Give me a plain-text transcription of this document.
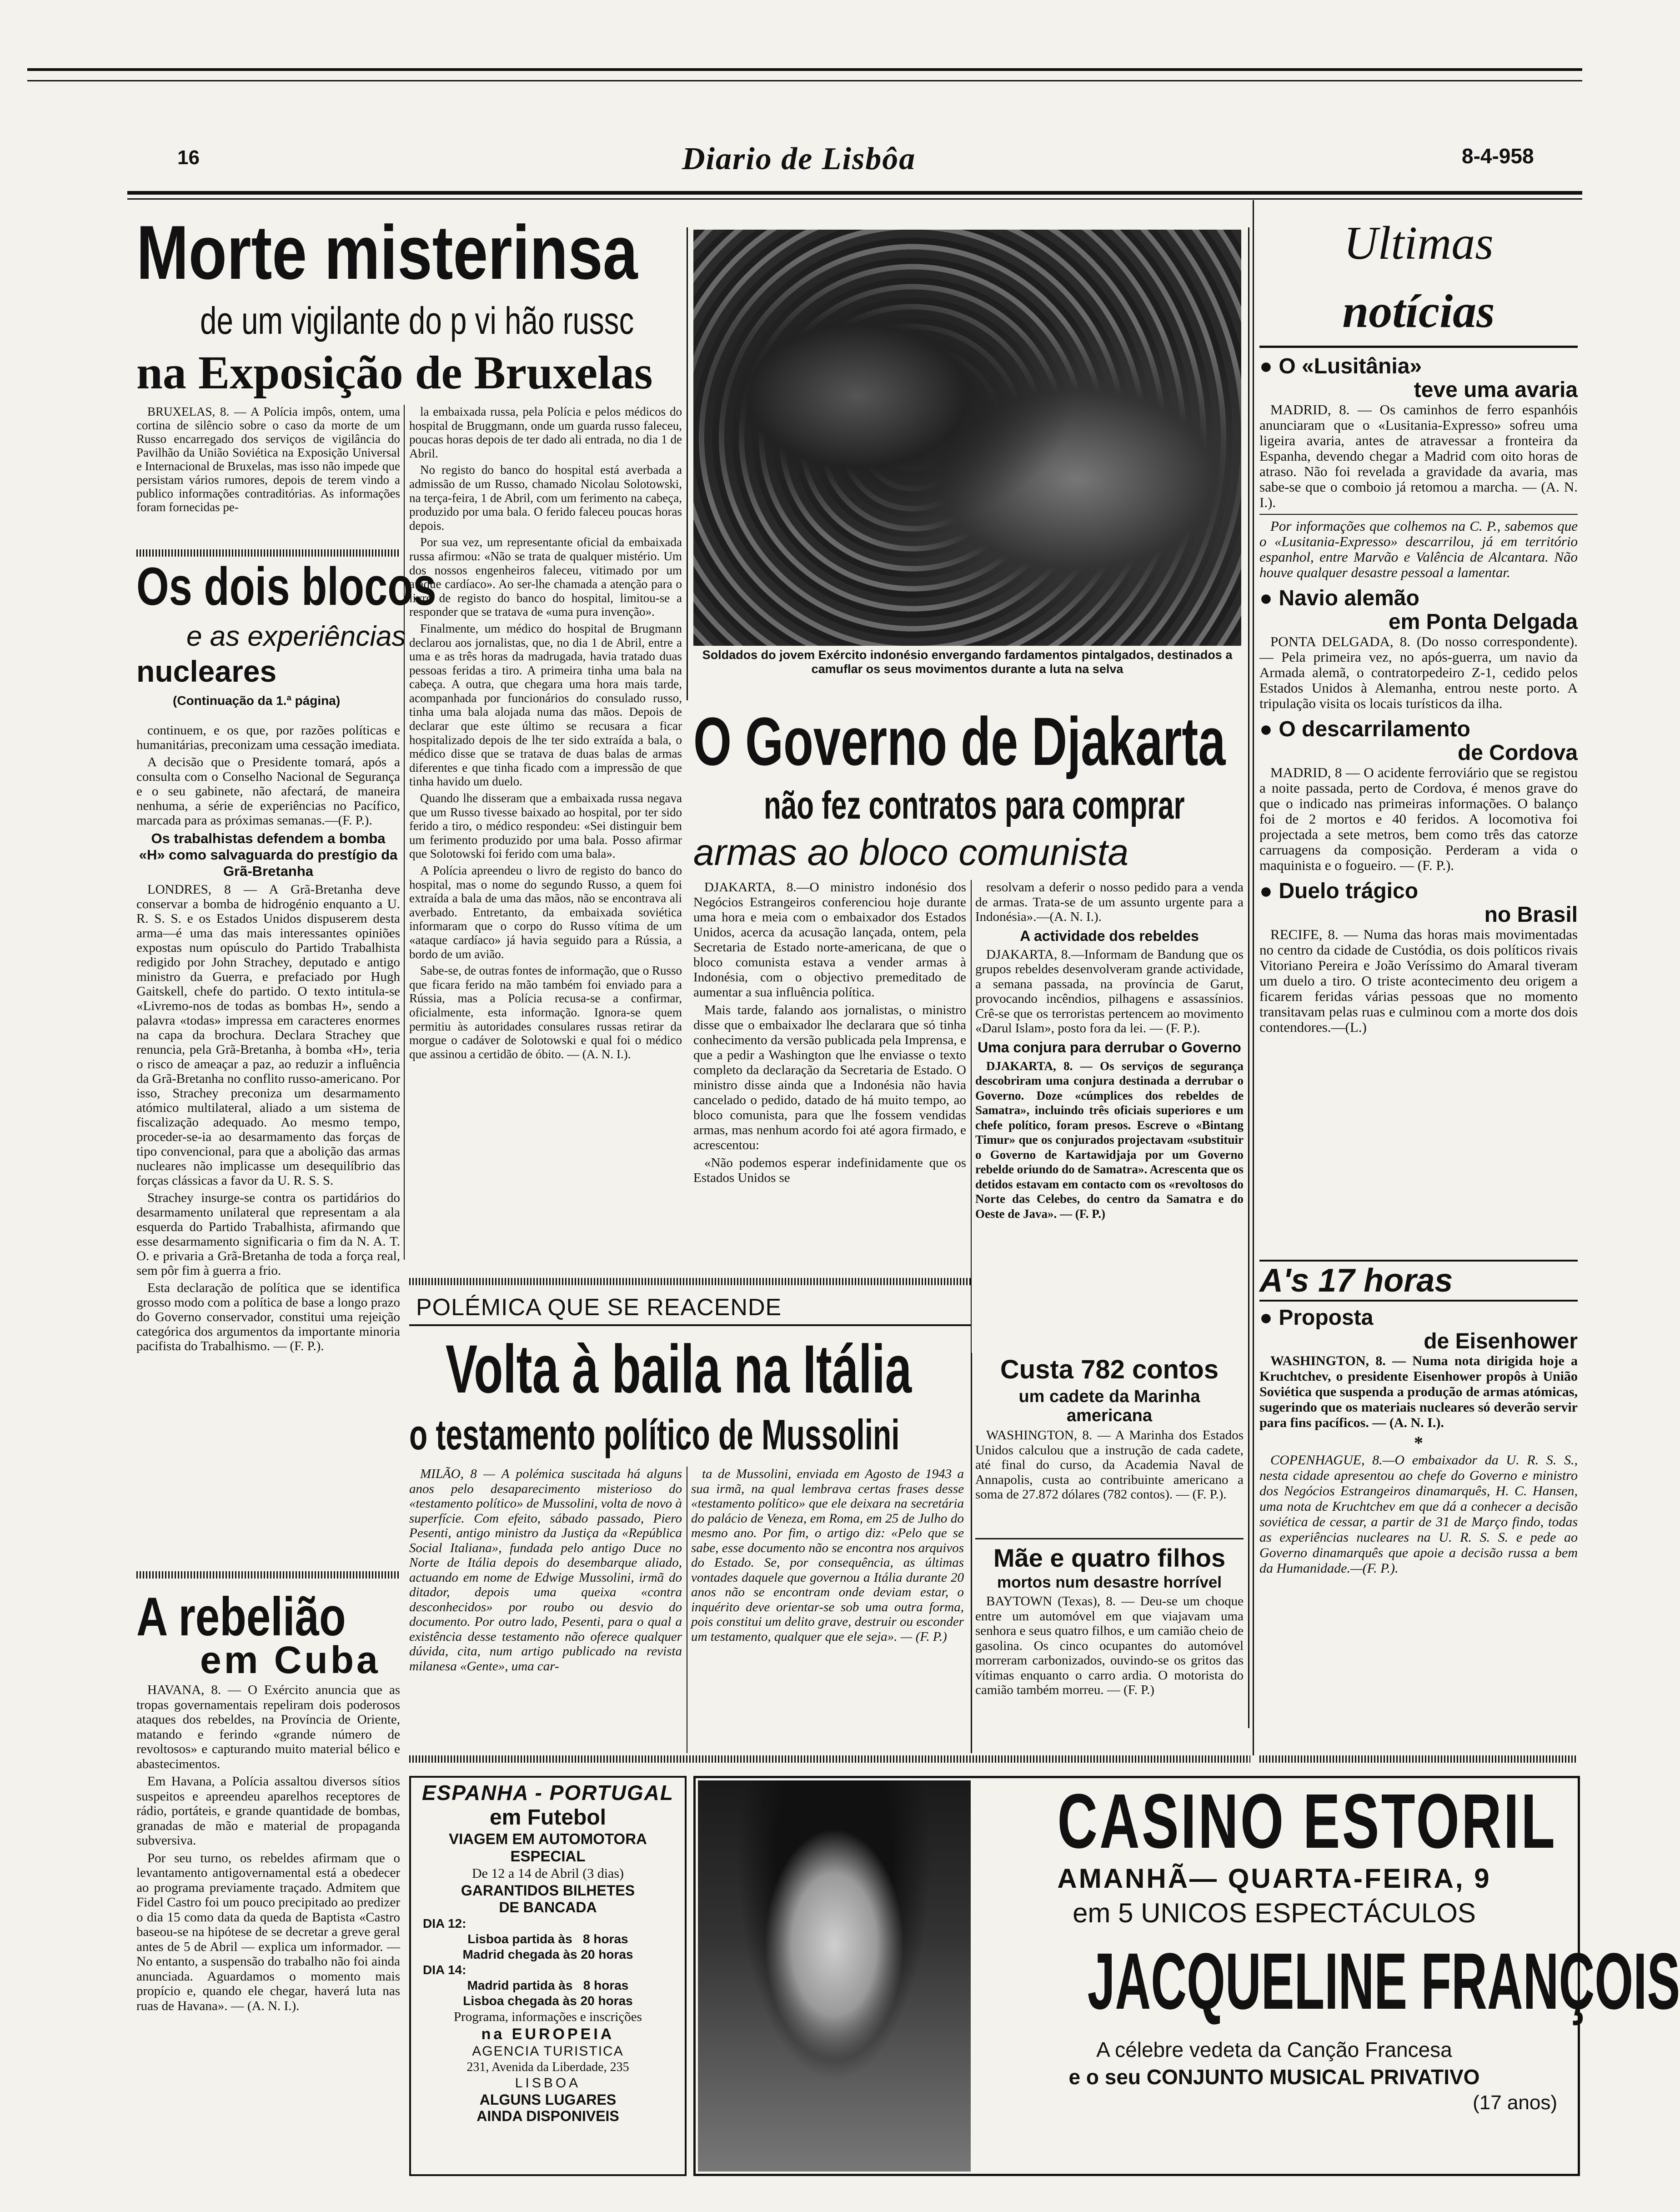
16	Diario de Lisbôa	8-4-958
Morte misterinsa
de um vigilante do p vi hão russc
na Exposição de Bruxelas

BRUXELAS, 8. — A Polícia impôs, ontem, uma cortina de silêncio sobre o caso da morte de um Russo encarregado dos serviços de vigilância do Pavilhão da União Soviética na Exposição Universal e Internacional de Bruxelas, mas isso não impede que persistam vários rumores, depois de terem vindo a publico informações contraditórias. As informações foram fornecidas pe-

la embaixada russa, pela Polícia e pelos médicos do hospital de Bruggmann, onde um guarda russo faleceu, poucas horas depois de ter dado ali entrada, no dia 1 de Abril.

No registo do banco do hospital está averbada a admissão de um Russo, chamado Nicolau Solotowski, na terça-feira, 1 de Abril, com um ferimento na cabeça, produzido por uma bala. O ferido faleceu poucas horas depois.

Por sua vez, um representante oficial da embaixada russa afirmou: «Não se trata de qualquer mistério. Um dos nossos engenheiros faleceu, vitimado por um ataque cardíaco». Ao ser-lhe chamada a atenção para o livro de registo do banco do hospital, limitou-se a responder que se tratava de «uma pura invenção».

Finalmente, um médico do hospital de Brugmann declarou aos jornalistas, que, no dia 1 de Abril, entre a uma e as três horas da madrugada, havia tratado duas pessoas feridas a tiro. A primeira tinha uma bala na cabeça. A outra, que chegara uma hora mais tarde, acompanhada por funcionários do consulado russo, tinha uma bala alojada numa das mãos. Depois de declarar que este último se recusara a ficar hospitalizado depois de lhe ter sido extraída a bala, o médico disse que se tratava de duas balas de armas diferentes e que tinha ficado com a impressão de que tinha havido um duelo.

Quando lhe disseram que a embaixada russa negava que um Russo tivesse baixado ao hospital, por ter sido ferido a tiro, o médico respondeu: «Sei distinguir bem um ferimento produzido por uma bala. Posso afirmar que Solotowski foi ferido com uma bala».

A Polícia apreendeu o livro de registo do banco do hospital, mas o nome do segundo Russo, a quem foi extraída a bala de uma das mãos, não se encontrava ali averbado. Entretanto, da embaixada soviética informaram que o corpo do Russo vítima de um «ataque cardíaco» já havia seguido para a Rússia, a bordo de um avião.

Sabe-se, de outras fontes de informação, que o Russo que ficara ferido na mão também foi enviado para a Rússia, mas a Polícia recusa-se a confirmar, oficialmente, esta informação. Ignora-se quem permitiu às autoridades consulares russas retirar da morgue o cadáver de Solotowski e qual foi o médico que assinou a certidão de óbito. — (A. N. I.).

Os dois blocos
e as experiências
nucleares
(Continuação da 1.ª página)

continuem, e os que, por razões políticas e humanitárias, preconizam uma cessação imediata.

A decisão que o Presidente tomará, após a consulta com o Conselho Nacional de Segurança e o seu gabinete, não afectará, de maneira nenhuma, a série de experiências no Pacífico, marcada para as próximas semanas.—(F. P.).

Os trabalhistas defendem a bomba «H» como salvaguarda do prestígio da Grã-Bretanha

LONDRES, 8 — A Grã-Bretanha deve conservar a bomba de hidrogénio enquanto a U. R. S. S. e os Estados Unidos dispuserem desta arma—é uma das mais interessantes opiniões expostas num opúsculo do Partido Trabalhista redigido por John Strachey, deputado e antigo ministro da Guerra, e prefaciado por Hugh Gaitskell, chefe do partido. O texto intitula-se «Livremo-nos de todas as bombas H», sendo a palavra «todas» impressa em caracteres enormes na capa da brochura. Declara Strachey que renuncia, pela Grã-Bretanha, à bomba «H», teria o risco de ameaçar a paz, ao reduzir a influência da Grã-Bretanha no conflito russo-americano. Por isso, Strachey preconiza um desarmamento atómico multilateral, aliado a um sistema de fiscalização adequado. Ao mesmo tempo, proceder-se-ia ao desarmamento das forças de tipo convencional, para que a abolição das armas nucleares não implicasse um desequilíbrio das forças clássicas a favor da U. R. S. S.

Strachey insurge-se contra os partidários do desarmamento unilateral que representam a ala esquerda do Partido Trabalhista, afirmando que esse desarmamento significaria o fim da N. A. T. O. e privaria a Grã-Bretanha de toda a força real, sem pôr fim à guerra a frio.

Esta declaração de política que se identifica grosso modo com a política de base a longo prazo do Governo conservador, constitui uma rejeição categórica dos argumentos da importante minoria pacifista do Trabalhismo. — (F. P.).

A rebelião
em Cuba

HAVANA, 8. — O Exército anuncia que as tropas governamentais repeliram dois poderosos ataques dos rebeldes, na Província de Oriente, matando e ferindo «grande número de revoltosos» e capturando muito material bélico e abastecimentos.

Em Havana, a Polícia assaltou diversos sítios suspeitos e apreendeu aparelhos receptores de rádio, portáteis, e grande quantidade de bombas, granadas de mão e material de propaganda subversiva.

Por seu turno, os rebeldes afirmam que o levantamento antigovernamental está a obedecer ao programa previamente traçado. Admitem que Fidel Castro foi um pouco precipitado ao predizer o dia 15 como data da queda de Baptista «Castro baseou-se na hipótese de se decretar a greve geral antes de 5 de Abril — explica um informador. — No entanto, a suspensão do trabalho não foi ainda anunciada. Aguardamos o momento mais propício e, quando ele chegar, haverá luta nas ruas de Havana». — (A. N. I.).

Soldados do jovem Exército indonésio envergando fardamentos pintalgados, destinados a camuflar os seus movimentos durante a luta na selva
O Governo de Djakarta
não fez contratos para comprar
armas ao bloco comunista

DJAKARTA, 8.—O ministro indonésio dos Negócios Estrangeiros conferenciou hoje durante uma hora e meia com o embaixador dos Estados Unidos, acerca da acusação lançada, ontem, pela Secretaria de Estado norte-americana, de que o bloco comunista estava a vender armas à Indonésia, com o objectivo premeditado de aumentar a sua influência política.

Mais tarde, falando aos jornalistas, o ministro disse que o embaixador lhe declarara que só tinha conhecimento da versão publicada pela Imprensa, e que a pedir a Washington que lhe enviasse o texto completo da declaração da Secretaria de Estado. O ministro disse ainda que a Indonésia não havia cancelado o pedido, datado de há muito tempo, ao bloco comunista, para que lhe fossem vendidas armas, mas nenhum acordo foi até agora firmado, e acrescentou:

«Não podemos esperar indefinidamente que os Estados Unidos se

resolvam a deferir o nosso pedido para a venda de armas. Trata-se de um assunto urgente para a Indonésia».—(A. N. I.).

A actividade dos rebeldes

DJAKARTA, 8.—Informam de Bandung que os grupos rebeldes desenvolveram grande actividade, a semana passada, na província de Garut, provocando incêndios, pilhagens e assassínios. Crê-se que os terroristas pertencem ao movimento «Darul Islam», posto fora da lei. — (F. P.).

Uma conjura para derrubar o Governo

DJAKARTA, 8. — Os serviços de segurança descobriram uma conjura destinada a derrubar o Governo. Doze «cúmplices dos rebeldes de Samatra», incluindo três oficiais superiores e um chefe político, foram presos. Escreve o «Bintang Timur» que os conjurados projectavam «substituir o Governo de Kartawidjaja por um Governo rebelde oriundo do de Samatra». Acrescenta que os detidos estavam em contacto com os «revoltosos do Norte das Celebes, do centro da Samatra e do Oeste de Java». — (F. P.)

POLÉMICA QUE SE REACENDE
Volta à baila na Itália
o testamento político de Mussolini

MILÃO, 8 — A polémica suscitada há alguns anos pelo desaparecimento misterioso do «testamento político» de Mussolini, volta de novo à superfície. Com efeito, sábado passado, Piero Pesenti, antigo ministro da Justiça da «República Social Italiana», fundada pelo antigo Duce no Norte de Itália depois do desembarque aliado, actuando em nome de Edwige Mussolini, irmã do ditador, depois uma queixa «contra desconhecidos» por roubo ou desvio do documento. Por outro lado, Pesenti, para o qual a existência desse testamento não oferece qualquer dúvida, cita, num artigo publicado na revista milanesa «Gente», uma car-

ta de Mussolini, enviada em Agosto de 1943 a sua irmã, na qual lembrava certas frases desse «testamento político» que ele deixara na secretária do palácio de Veneza, em Roma, em 25 de Julho do mesmo ano. Por fim, o artigo diz: «Pelo que se sabe, esse documento não se encontra nos arquivos do Estado. Se, por consequência, as últimas vontades daquele que governou a Itália durante 20 anos não se encontram onde deviam estar, o inquérito deve orientar-se sob uma outra forma, pois constitui um delito grave, destruir ou esconder um testamento, qualquer que ele seja». — (F. P.)

Custa 782 contos
um cadete da Marinha americana

WASHINGTON, 8. — A Marinha dos Estados Unidos calculou que a instrução de cada cadete, até final do curso, da Academia Naval de Annapolis, custa ao contribuinte americano a soma de 27.872 dólares (782 contos). — (F. P.).

Mãe e quatro filhos
mortos num desastre horrível

BAYTOWN (Texas), 8. — Deu-se um choque entre um automóvel em que viajavam uma senhora e seus quatro filhos, e um camião cheio de gasolina. Os cinco ocupantes do automóvel morreram carbonizados, ouvindo-se os gritos das vítimas enquanto o carro ardia. O motorista do camião também morreu. — (F. P.)

Ultimas
notícias
● O «Lusitânia»
teve uma avaria

MADRID, 8. — Os caminhos de ferro espanhóis anunciaram que o «Lusitania-Expresso» sofreu uma ligeira avaria, antes de atravessar a fronteira da Espanha, devendo chegar a Madrid com oito horas de atraso. Não foi revelada a gravidade da avaria, mas sabe-se que o comboio já retomou a marcha. — (A. N. I.).

Por informações que colhemos na C. P., sabemos que o «Lusitania-Expresso» descarrilou, já em território espanhol, entre Marvão e Valência de Alcantara. Não houve qualquer desastre pessoal a lamentar.

● Navio alemão
em Ponta Delgada

PONTA DELGADA, 8. (Do nosso correspondente). — Pela primeira vez, no após-guerra, um navio da Armada alemã, o contratorpedeiro Z-1, cedido pelos Estados Unidos à Alemanha, entrou neste porto. A tripulação visita os locais turísticos da ilha.

● O descarrilamento
de Cordova

MADRID, 8 — O acidente ferroviário que se registou a noite passada, perto de Cordova, é menos grave do que o indicado nas primeiras informações. O balanço foi de 2 mortos e 40 feridos. A locomotiva foi projectada a sete metros, bem como três das catorze carruagens da composição. Perderam a vida o maquinista e o fogueiro. — (F. P.).

● Duelo trágico
no Brasil

RECIFE, 8. — Numa das horas mais movimentadas no centro da cidade de Custódia, os dois políticos rivais Vitoriano Pereira e João Veríssimo do Amaral tiveram um duelo a tiro. O triste acontecimento deu origem a ficarem feridas várias pessoas que no momento transitavam pelas ruas e culminou com a morte dos dois contendores.—(L.)

A's 17 horas
● Proposta
de Eisenhower

WASHINGTON, 8. — Numa nota dirigida hoje a Kruchtchev, o presidente Eisenhower propôs à União Soviética que suspenda a produção de armas atómicas, sugerindo que os materiais nucleares só deverão servir para fins pacíficos. — (A. N. I.).

*

COPENHAGUE, 8.—O embaixador da U. R. S. S., nesta cidade apresentou ao chefe do Governo e ministro dos Negócios Estrangeiros dinamarquês, H. C. Hansen, uma nota de Kruchtchev em que dá a conhecer a decisão soviética de cessar, a partir de 31 de Março findo, todas as experiências nucleares na U. R. S. S. e pede ao Governo dinamarquês que apoie a decisão russa a bem da Humanidade.—(F. P.).

ESPANHA - PORTUGAL
em Futebol
VIAGEM EM AUTOMOTORA
ESPECIAL
De 12 a 14 de Abril (3 dias)
GARANTIDOS BILHETES
DE BANCADA
DIA 12:
Lisboa partida às   8 horas
Madrid chegada às 20 horas
DIA 14:
Madrid partida às   8 horas
Lisboa chegada às 20 horas
Programa, informações e inscrições
na EUROPEIA
AGENCIA TURISTICA
231, Avenida da Liberdade, 235
LISBOA
ALGUNS LUGARES
AINDA DISPONIVEIS
CASINO ESTORIL
AMANHÃ— QUARTA-FEIRA, 9
em 5 UNICOS ESPECTÁCULOS
JACQUELINE FRANÇOIS
A célebre vedeta da Canção Francesa
e o seu CONJUNTO MUSICAL PRIVATIVO
(17 anos)
